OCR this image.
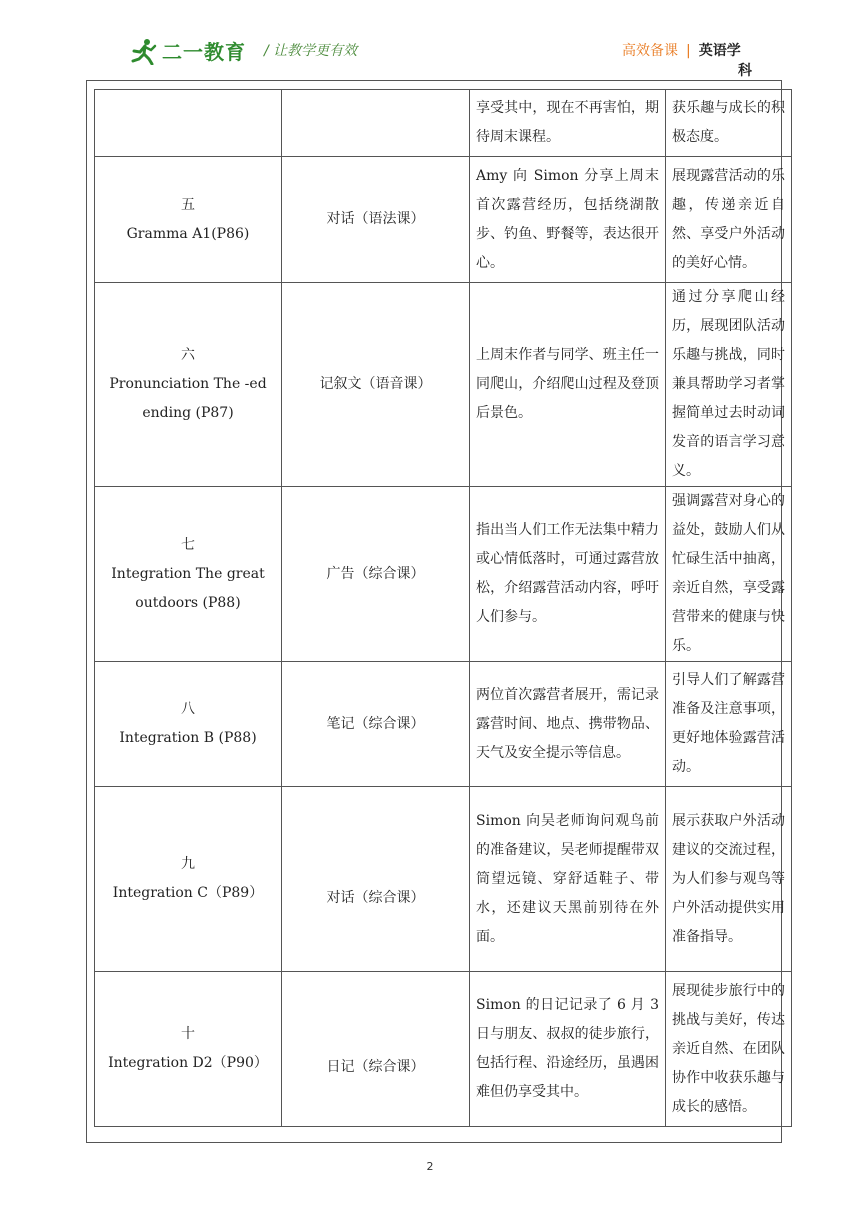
二一教育 / 让教学更有效	高效备课 | 英语学
科
		享受其中，现在不再害怕，期待周末课程。	获乐趣与成长的积极态度。

五
Gramma A1(P86)	对话（语法课）	Amy 向 Simon 分享上周末首次露营经历，包括绕湖散步、钓鱼、野餐等，表达很开心。	展现露营活动的乐趣，传递亲近自然、享受户外活动的美好心情。

六
Pronunciation The -ed ending (P87)	记叙文（语音课）	上周末作者与同学、班主任一同爬山，介绍爬山过程及登顶后景色。	通过分享爬山经历，展现团队活动乐趣与挑战，同时兼具帮助学习者掌握简单过去时动词发音的语言学习意义。

七
Integration The great outdoors (P88)	广告（综合课）	指出当人们工作无法集中精力或心情低落时，可通过露营放松，介绍露营活动内容，呼吁人们参与。	强调露营对身心的益处，鼓励人们从忙碌生活中抽离，亲近自然，享受露营带来的健康与快乐。

八
Integration B (P88)	笔记（综合课）	两位首次露营者展开，需记录露营时间、地点、携带物品、天气及安全提示等信息。	引导人们了解露营准备及注意事项，更好地体验露营活动。

九
Integration C（P89）	对话（综合课）	Simon 向吴老师询问观鸟前的准备建议，吴老师提醒带双筒望远镜、穿舒适鞋子、带水，还建议天黑前别待在外面。	展示获取户外活动建议的交流过程，为人们参与观鸟等户外活动提供实用准备指导。

十
Integration D2（P90）	日记（综合课）	Simon 的日记记录了 6 月 3 日与朋友、叔叔的徒步旅行，包括行程、沿途经历，虽遇困难但仍享受其中。	展现徒步旅行中的挑战与美好，传达亲近自然、在团队协作中收获乐趣与成长的感悟。
2
